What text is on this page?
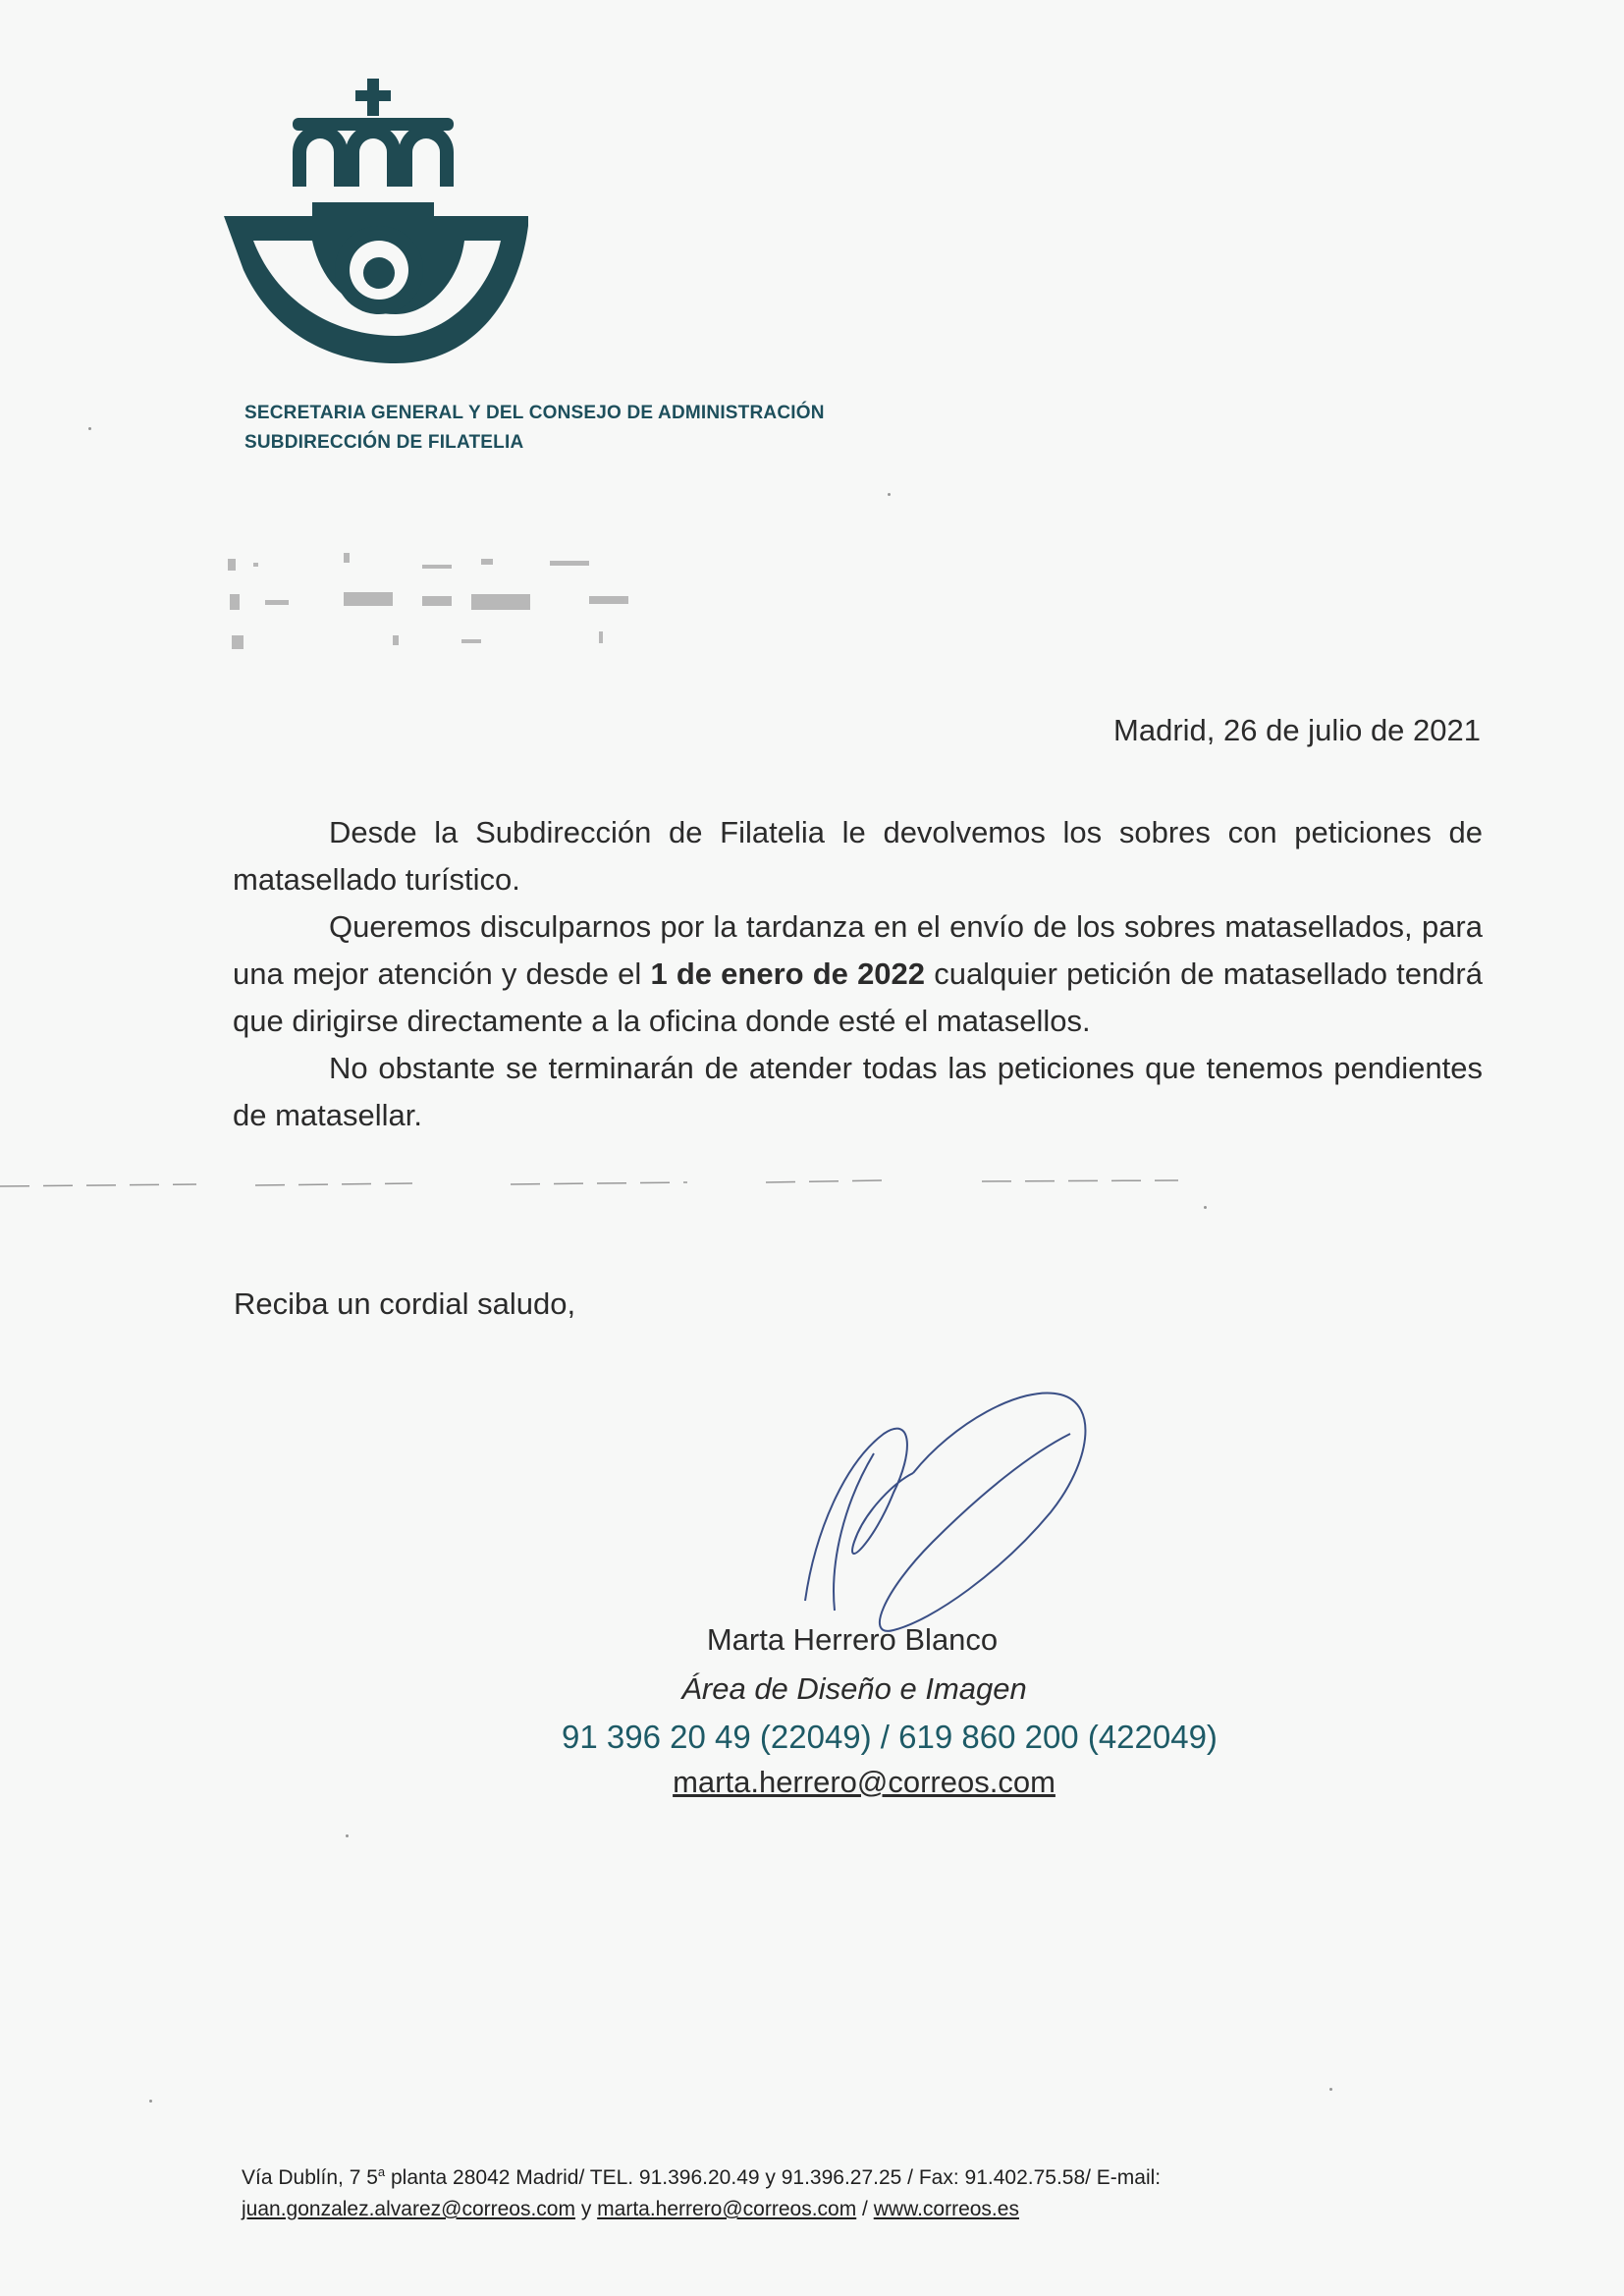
SECRETARIA GENERAL Y DEL CONSEJO DE ADMINISTRACIÓN
SUBDIRECCIÓN DE FILATELIA
Madrid, 26 de julio de 2021
Desde la Subdirección de Filatelia le devolvemos los sobres con peticiones de matasellado turístico.
Queremos disculparnos por la tardanza en el envío de los sobres matasellados, para una mejor atención y desde el 1 de enero de 2022 cualquier petición de matasellado tendrá que dirigirse directamente a la oficina donde esté el matasellos.
No obstante se terminarán de atender todas las peticiones que tenemos pendientes de matasellar.
Reciba un cordial saludo,
Marta Herrero Blanco
Área de Diseño e Imagen
91 396 20 49 (22049) / 619 860 200 (422049)
marta.herrero@correos.com
Vía Dublín, 7 5$^a$ planta 28042 Madrid/ TEL. 91.396.20.49 y 91.396.27.25 / Fax: 91.402.75.58/ E-mail:
juan.gonzalez.alvarez@correos.com y marta.herrero@correos.com / www.correos.es
